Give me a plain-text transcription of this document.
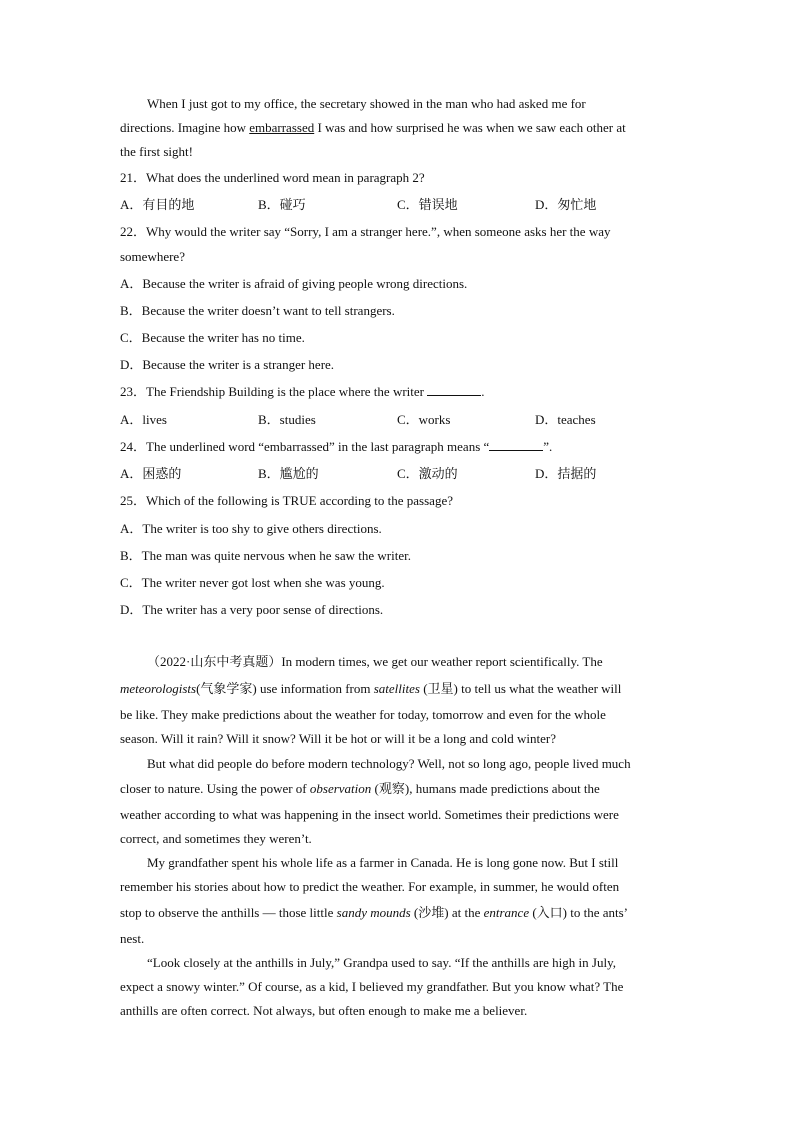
When I just got to my office, the secretary showed in the man who had asked me for
directions. Imagine how embarrassed I was and how surprised he was when we saw each other at
the first sight!
21．What does the underlined word mean in paragraph 2?
A．有目的地	B．碰巧	C．错误地	D．匆忙地
22．Why would the writer say “Sorry, I am a stranger here.”, when someone asks her the way
somewhere?
A．Because the writer is afraid of giving people wrong directions.
B．Because the writer doesn’t want to tell strangers.
C．Because the writer has no time.
D．Because the writer is a stranger here.
23．The Friendship Building is the place where the writer	.
A．lives	B．studies	C．works	D．teaches
24．The underlined word “embarrassed” in the last paragraph means “	”.
A．困惑的	B．尴尬的	C．激动的	D．拮据的
25．Which of the following is TRUE according to the passage?
A．The writer is too shy to give others directions.
B．The man was quite nervous when he saw the writer.
C．The writer never got lost when she was young.
D．The writer has a very poor sense of directions.
（2022·山东中考真题）In modern times, we get our weather report scientifically. The
meteorologists(气象学家) use information from satellites (卫星) to tell us what the weather will
be like. They make predictions about the weather for today, tomorrow and even for the whole
season. Will it rain? Will it snow? Will it be hot or will it be a long and cold winter?
But what did people do before modern technology? Well, not so long ago, people lived much
closer to nature. Using the power of observation (观察), humans made predictions about the
weather according to what was happening in the insect world. Sometimes their predictions were
correct, and sometimes they weren’t.
My grandfather spent his whole life as a farmer in Canada. He is long gone now. But I still
remember his stories about how to predict the weather. For example, in summer, he would often
stop to observe the anthills — those little sandy mounds (沙堆) at the entrance (入口) to the ants’
nest.
“Look closely at the anthills in July,” Grandpa used to say. “If the anthills are high in July,
expect a snowy winter.” Of course, as a kid, I believed my grandfather. But you know what? The
anthills are often correct. Not always, but often enough to make me a believer.
